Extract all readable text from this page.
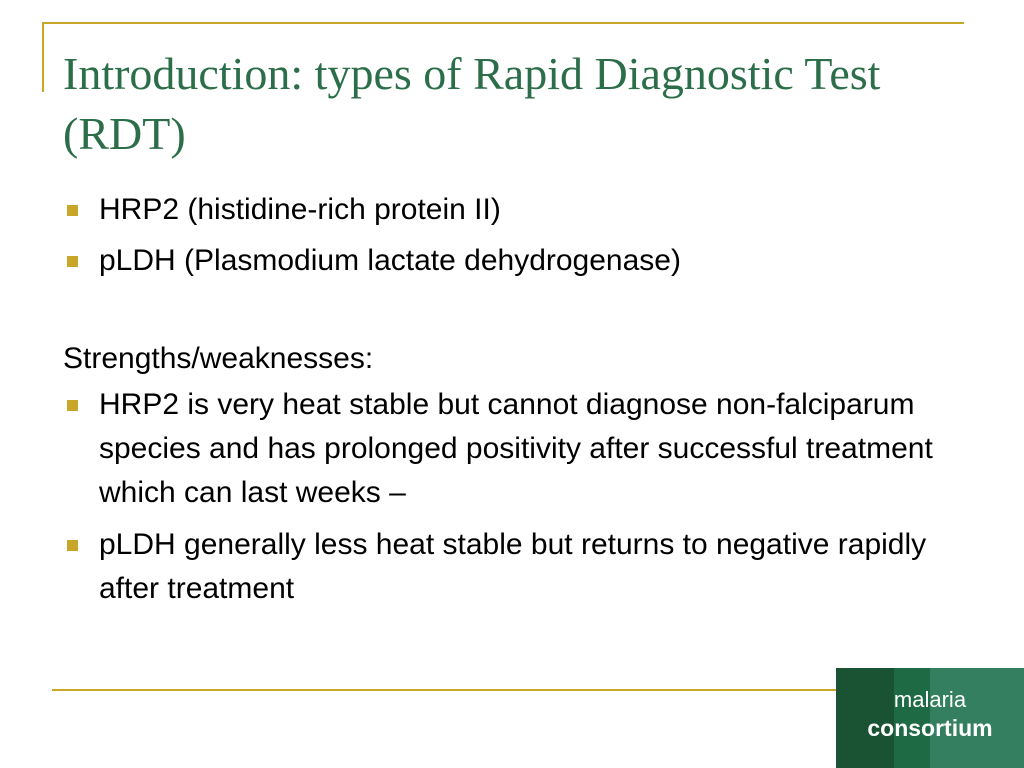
Introduction: types of Rapid Diagnostic Test (RDT)
HRP2 (histidine-rich protein II)
pLDH (Plasmodium lactate dehydrogenase)
Strengths/weaknesses:
HRP2 is very heat stable but cannot diagnose non-falciparum species and has prolonged positivity after successful treatment which can last weeks –
pLDH generally less heat stable but returns to negative rapidly after treatment
malaria
consortium
